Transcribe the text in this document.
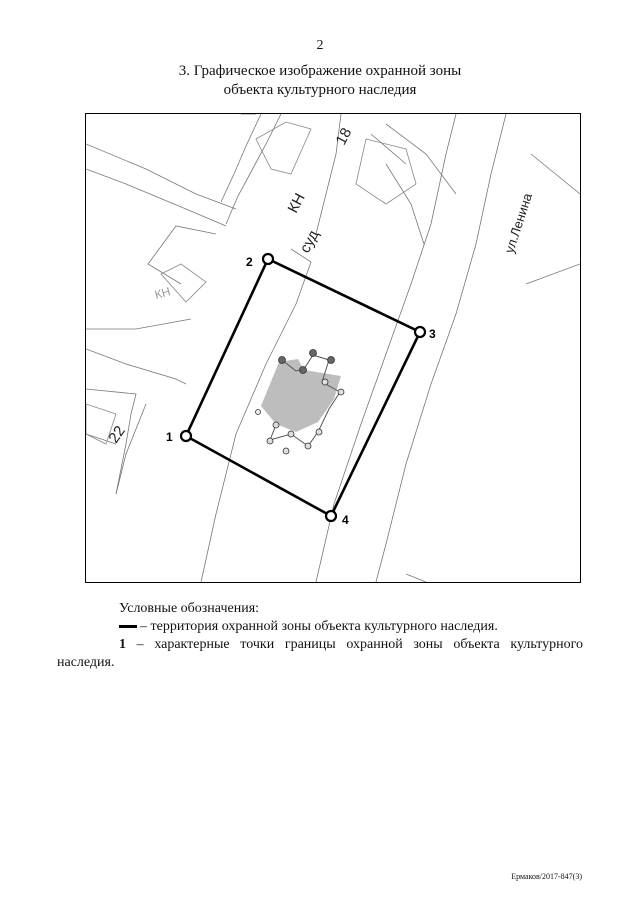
2
3. Графическое изображение охранной зоны
объекта культурного наследия
18
КН
суд	ул.Ленина
КН
22	1
2
3
4
Условные обозначения:
– территория охранной зоны объекта культурного наследия.
1 – характерные точки границы охранной зоны объекта культурного наследия.
Ермаков/2017-847(3)
